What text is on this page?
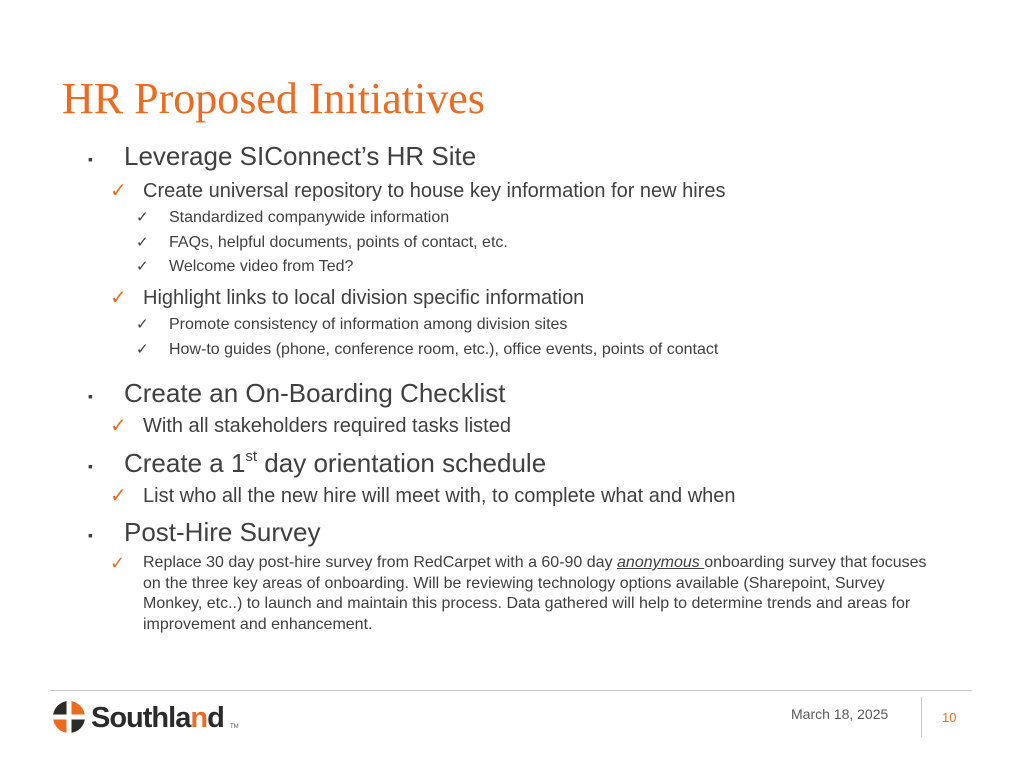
HR Proposed Initiatives
▪ Leverage SIConnect’s HR Site
✓ Create universal repository to house key information for new hires
✓ Standardized companywide information
✓ FAQs, helpful documents, points of contact, etc.
✓ Welcome video from Ted?
✓ Highlight links to local division specific information
✓ Promote consistency of information among division sites
✓ How-to guides (phone, conference room, etc.), office events, points of contact
▪ Create an On-Boarding Checklist
✓ With all stakeholders required tasks listed
▪ Create a 1st day orientation schedule
✓ List who all the new hire will meet with, to complete what and when
▪ Post-Hire Survey
✓ Replace 30 day post-hire survey from RedCarpet with a 60-90 day anonymous onboarding survey that focuses on the three key areas of onboarding. Will be reviewing technology options available (Sharepoint, Survey Monkey, etc..) to launch and maintain this process. Data gathered will help to determine trends and areas for improvement and enhancement.
Southland TM
March 18, 2025	10
